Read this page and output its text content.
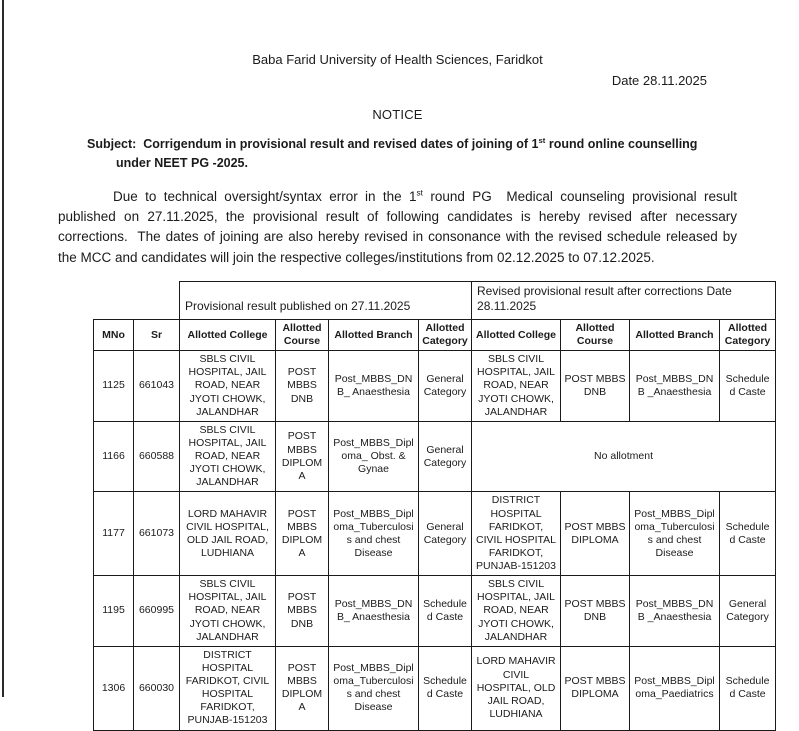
Baba Farid University of Health Sciences, Faridkot
Date 28.11.2025
NOTICE

Subject:  Corrigendum in provisional result and revised dates of joining of 1st round online counselling
under NEET PG -2025.

Due to technical oversight/syntax error in the 1st round PG  Medical counseling provisional result published on 27.11.2025, the provisional result of following candidates is hereby revised after necessary corrections.  The dates of joining are also hereby revised in consonance with the revised schedule released by the MCC and candidates will join the respective colleges/institutions from 02.12.2025 to 07.12.2025.

		Provisional result published on 27.11.2025				Revised provisional result after corrections Date 28.11.2025			
MNo	Sr	Allotted College	Allotted Course	Allotted Branch	Allotted Category	Allotted College	Allotted Course	Allotted Branch	Allotted Category
1125	661043	SBLS CIVIL HOSPITAL, JAIL ROAD, NEAR JYOTI CHOWK, JALANDHAR	POST MBBS DNB	Post_MBBS_DNB_ Anaesthesia	General Category	SBLS CIVIL HOSPITAL, JAIL ROAD, NEAR JYOTI CHOWK, JALANDHAR	POST MBBS DNB	Post_MBBS_DNB _Anaesthesia	Scheduled Caste
1166	660588	SBLS CIVIL HOSPITAL, JAIL ROAD, NEAR JYOTI CHOWK, JALANDHAR	POST MBBS DIPLOMA	Post_MBBS_Diploma_ Obst. & Gynae	General Category	No allotment			
1177	661073	LORD MAHAVIR CIVIL HOSPITAL, OLD JAIL ROAD, LUDHIANA	POST MBBS DIPLOMA	Post_MBBS_Diploma_Tuberculosis and chest Disease	General Category	DISTRICT HOSPITAL FARIDKOT, CIVIL HOSPITAL FARIDKOT, PUNJAB-151203	POST MBBS DIPLOMA	Post_MBBS_Diploma_Tuberculosis and chest Disease	Scheduled Caste
1195	660995	SBLS CIVIL HOSPITAL, JAIL ROAD, NEAR JYOTI CHOWK, JALANDHAR	POST MBBS DNB	Post_MBBS_DNB_ Anaesthesia	Scheduled Caste	SBLS CIVIL HOSPITAL, JAIL ROAD, NEAR JYOTI CHOWK, JALANDHAR	POST MBBS DNB	Post_MBBS_DNB _Anaesthesia	General Category
1306	660030	DISTRICT HOSPITAL FARIDKOT, CIVIL HOSPITAL FARIDKOT, PUNJAB-151203	POST MBBS DIPLOMA	Post_MBBS_Diploma_Tuberculosis and chest Disease	Scheduled Caste	LORD MAHAVIR CIVIL HOSPITAL, OLD JAIL ROAD, LUDHIANA	POST MBBS DIPLOMA	Post_MBBS_Diploma_Paediatrics	Scheduled Caste
